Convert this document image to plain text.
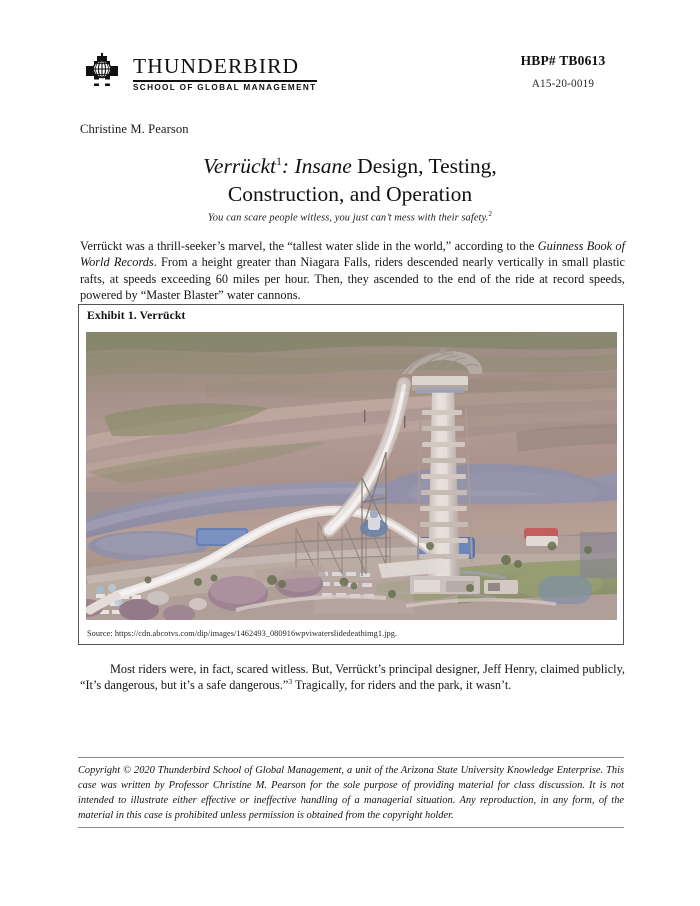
THUNDERBIRD
SCHOOL OF GLOBAL MANAGEMENT
HBP# TB0613
A15-20-0019
Christine M. Pearson
Verrückt$^1$: Insane Design, Testing,
Construction, and Operation
You can scare people witless, you just can’t mess with their safety.$^2$
Verrückt was a thrill-seeker’s marvel, the “tallest water slide in the world,” according to the Guinness Book of World Records. From a height greater than Niagara Falls, riders descended nearly vertically in small plastic rafts, at speeds exceeding 60 miles per hour. Then, they ascended to the end of the ride at record speeds, powered by “Master Blaster” water cannons.
Exhibit 1. Verrückt
Source: https://cdn.abcotvs.com/dip/images/1462493_080916wpviwaterslidedeathimg1.jpg.
Most riders were, in fact, scared witless. But, Verrückt’s principal designer, Jeff Henry, claimed publicly, “It’s dangerous, but it’s a safe dangerous.”$^3$ Tragically, for riders and the park, it wasn’t.
Copyright © 2020 Thunderbird School of Global Management, a unit of the Arizona State University Knowledge Enterprise. This case was written by Professor Christine M. Pearson for the sole purpose of providing material for class discussion. It is not intended to illustrate either effective or ineffective handling of a managerial situation. Any reproduction, in any form, of the material in this case is prohibited unless permission is obtained from the copyright holder.
